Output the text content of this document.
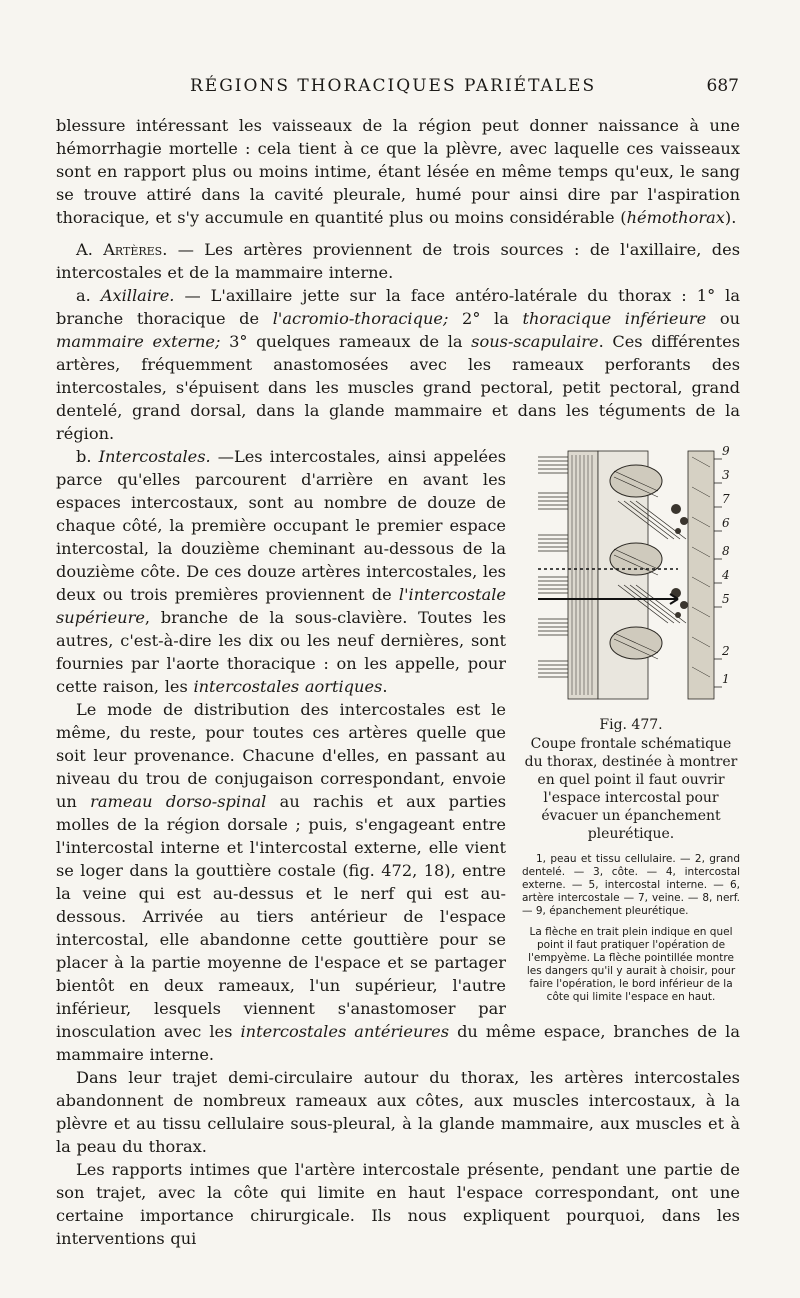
RÉGIONS THORACIQUES PARIÉTALES	687

blessure intéressant les vaisseaux de la région peut donner naissance à une hémorrhagie mortelle : cela tient à ce que la plèvre, avec laquelle ces vaisseaux sont en rapport plus ou moins intime, étant lésée en même temps qu'eux, le sang se trouve attiré dans la cavité pleurale, humé pour ainsi dire par l'aspiration thoracique, et s'y accumule en quantité plus ou moins considérable (hémothorax).

A. Artères. — Les artères proviennent de trois sources : de l'axillaire, des intercostales et de la mammaire interne.

a. Axillaire. — L'axillaire jette sur la face antéro-latérale du thorax : 1° la branche thoracique de l'acromio-thoracique; 2° la thoracique inférieure ou mammaire externe; 3° quelques rameaux de la sous-scapulaire. Ces différentes artères, fréquemment anastomosées avec les rameaux perforants des intercostales, s'épuisent dans les muscles grand pectoral, petit pectoral, grand dentelé, grand dorsal, dans la glande mammaire et dans les téguments de la région.

9
3
7
6
8
4
5
2
1
Fig. 477.
Coupe frontale schématique du thorax, destinée à montrer en quel point il faut ouvrir l'espace intercostal pour évacuer un épanchement pleurétique.
1, peau et tissu cellulaire. — 2, grand dentelé. — 3, côte. — 4, intercostal externe. — 5, intercostal interne. — 6, artère intercostale — 7, veine. — 8, nerf. — 9, épanchement pleurétique.
La flèche en trait plein indique en quel point il faut pratiquer l'opération de l'empyème. La flèche pointillée montre les dangers qu'il y aurait à choisir, pour faire l'opération, le bord inférieur de la côte qui limite l'espace en haut.

b. Intercostales. —Les intercostales, ainsi appelées parce qu'elles parcourent d'arrière en avant les espaces intercostaux, sont au nombre de douze de chaque côté, la première occupant le premier espace intercostal, la douzième cheminant au-dessous de la douzième côte. De ces douze artères intercostales, les deux ou trois premières proviennent de l'intercostale supérieure, branche de la sous-clavière. Toutes les autres, c'est-à-dire les dix ou les neuf dernières, sont fournies par l'aorte thoracique : on les appelle, pour cette raison, les intercostales aortiques.

Le mode de distribution des intercostales est le même, du reste, pour toutes ces artères quelle que soit leur provenance. Chacune d'elles, en passant au niveau du trou de conjugaison correspondant, envoie un rameau dorso-spinal au rachis et aux parties molles de la région dorsale ; puis, s'engageant entre l'intercostal interne et l'intercostal externe, elle vient se loger dans la gouttière costale (fig. 472, 18), entre la veine qui est au-dessus et le nerf qui est au-dessous. Arrivée au tiers antérieur de l'espace intercostal, elle abandonne cette gouttière pour se placer à la partie moyenne de l'espace et se partager bientôt en deux rameaux, l'un supérieur, l'autre inférieur, lesquels viennent s'anastomoser par inosculation avec les intercostales antérieures du même espace, branches de la mammaire interne.

Dans leur trajet demi-circulaire autour du thorax, les artères intercostales abandonnent de nombreux rameaux aux côtes, aux muscles intercostaux, à la plèvre et au tissu cellulaire sous-pleural, à la glande mammaire, aux muscles et à la peau du thorax.

Les rapports intimes que l'artère intercostale présente, pendant une partie de son trajet, avec la côte qui limite en haut l'espace correspondant, ont une certaine importance chirurgicale. Ils nous expliquent pourquoi, dans les interventions qui
